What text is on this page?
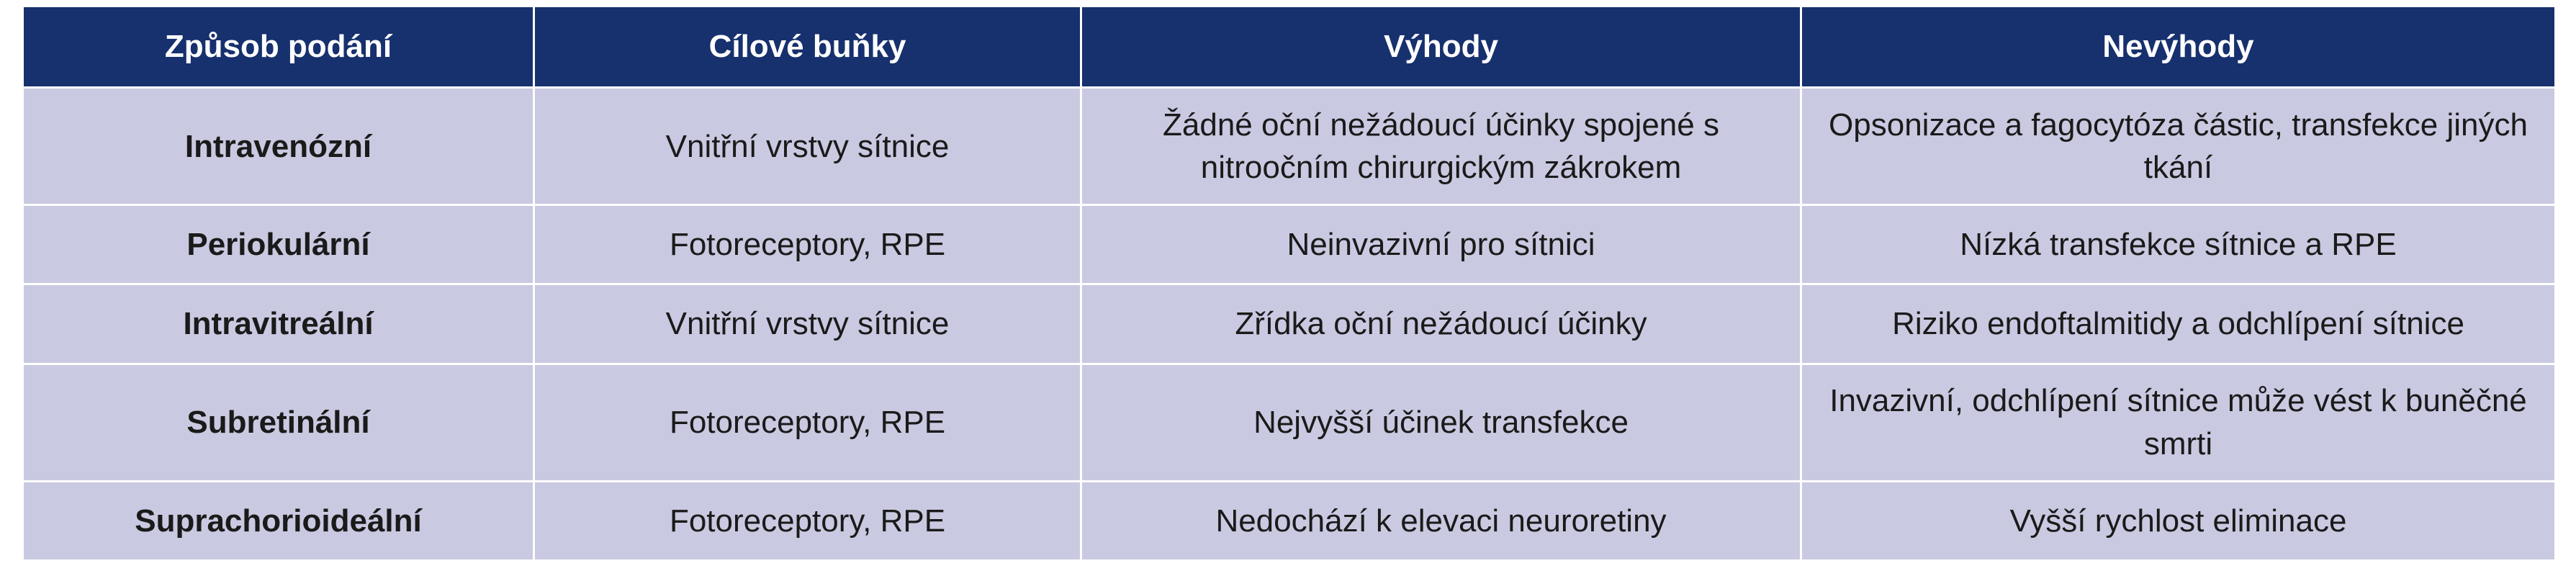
Způsob podání	Cílové buňky	Výhody	Nevýhody
Intravenózní	Vnitřní vrstvy sítnice	Žádné oční nežádoucí účinky spojené s nitroočním chirurgickým zákrokem	Opsonizace a fagocytóza částic, transfekce jiných tkání
Periokulární	Fotoreceptory, RPE	Neinvazivní pro sítnici	Nízká transfekce sítnice a RPE
Intravitreální	Vnitřní vrstvy sítnice	Zřídka oční nežádoucí účinky	Riziko endoftalmitidy a odchlípení sítnice
Subretinální	Fotoreceptory, RPE	Nejvyšší účinek transfekce	Invazivní, odchlípení sítnice může vést k buněčné smrti
Suprachorioideální	Fotoreceptory, RPE	Nedochází k elevaci neuroretiny	Vyšší rychlost eliminace
